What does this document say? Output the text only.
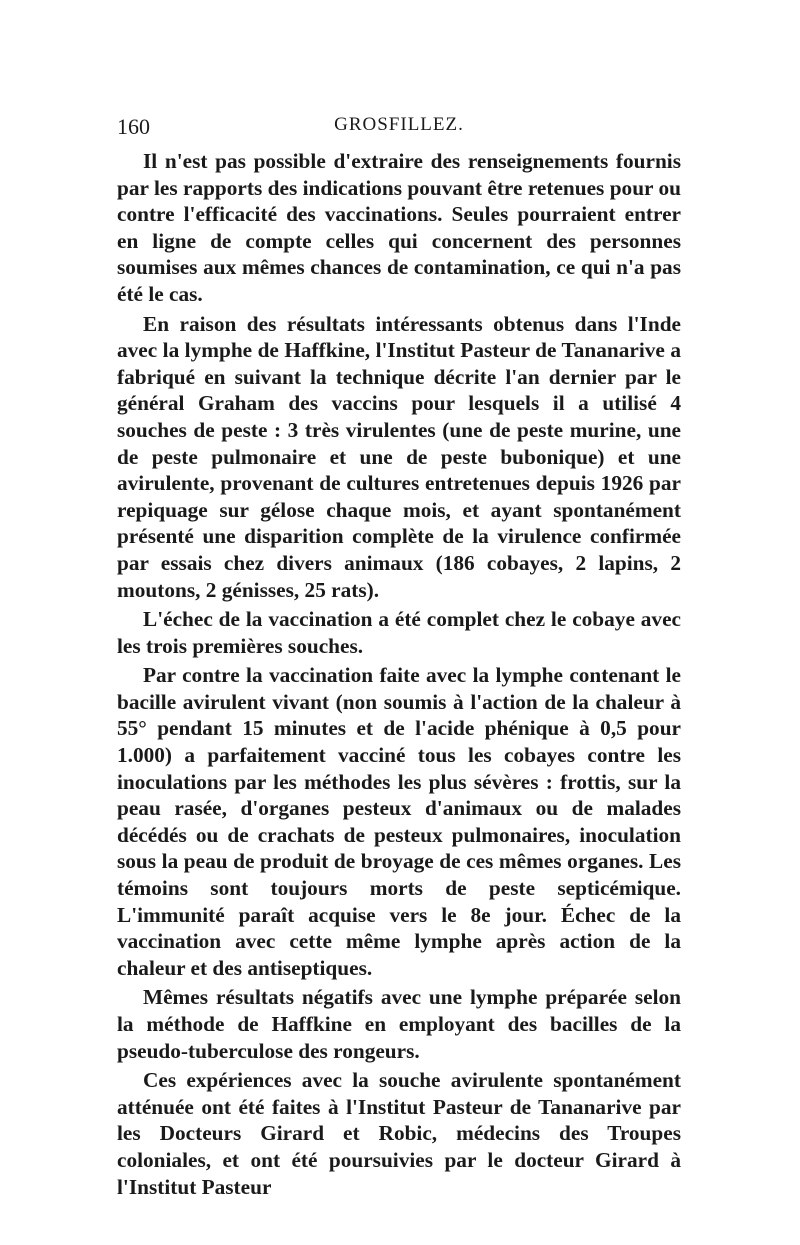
160	GROSFILLEZ.

Il n'est pas possible d'extraire des renseignements fournis par les rapports des indications pouvant être retenues pour ou contre l'efficacité des vaccinations. Seules pourraient entrer en ligne de compte celles qui concernent des personnes soumises aux mêmes chances de contamination, ce qui n'a pas été le cas.

En raison des résultats intéressants obtenus dans l'Inde avec la lymphe de Haffkine, l'Institut Pasteur de Tananarive a fabriqué en suivant la technique décrite l'an dernier par le général Graham des vaccins pour lesquels il a utilisé 4 souches de peste : 3 très virulentes (une de peste murine, une de peste pulmonaire et une de peste bubonique) et une avirulente, provenant de cultures entretenues depuis 1926 par repiquage sur gélose chaque mois, et ayant spontanément présenté une disparition complète de la virulence confirmée par essais chez divers animaux (186 cobayes, 2 lapins, 2 moutons, 2 génisses, 25 rats).

L'échec de la vaccination a été complet chez le cobaye avec les trois premières souches.

Par contre la vaccination faite avec la lymphe contenant le bacille avirulent vivant (non soumis à l'action de la chaleur à 55° pendant 15 minutes et de l'acide phénique à 0,5 pour 1.000) a parfaitement vacciné tous les cobayes contre les inoculations par les méthodes les plus sévères : frottis, sur la peau rasée, d'organes pesteux d'animaux ou de malades décédés ou de crachats de pesteux pulmonaires, inoculation sous la peau de produit de broyage de ces mêmes organes. Les témoins sont toujours morts de peste septicémique. L'immunité paraît acquise vers le 8e jour. Échec de la vaccination avec cette même lymphe après action de la chaleur et des antiseptiques.

Mêmes résultats négatifs avec une lymphe préparée selon la méthode de Haffkine en employant des bacilles de la pseudo-tuberculose des rongeurs.

Ces expériences avec la souche avirulente spontanément atténuée ont été faites à l'Institut Pasteur de Tananarive par les Docteurs Girard et Robic, médecins des Troupes coloniales, et ont été poursuivies par le docteur Girard à l'Institut Pasteur
